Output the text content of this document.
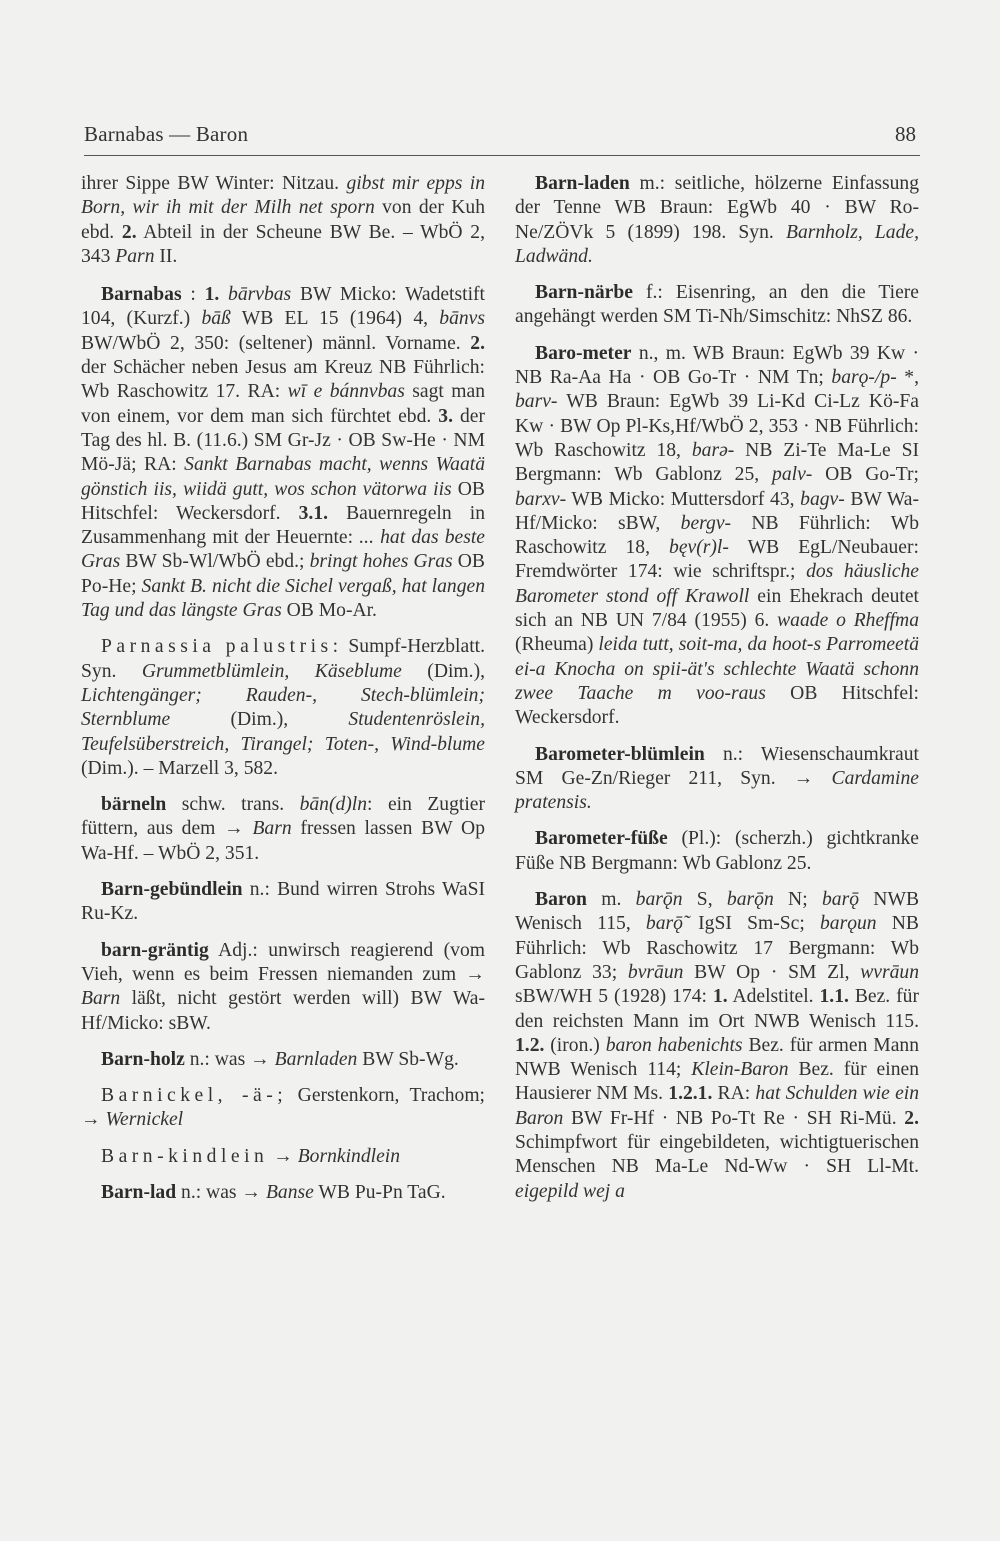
Barnabas — Baron	88

ihrer Sippe BW Winter: Nitzau. gibst mir epps in Born, wir ih mit der Milh net sporn von der Kuh ebd. 2. Abteil in der Scheune BW Be. – WbÖ 2, 343 Parn II.

Barnabas : 1. bārvbas BW Micko: Wadetstift 104, (Kurzf.) bāß WB EL 15 (1964) 4, bānvs BW/WbÖ 2, 350: (seltener) männl. Vorname. 2. der Schächer neben Jesus am Kreuz NB Führlich: Wb Raschowitz 17. RA: wī e bánnvbas sagt man von einem, vor dem man sich fürchtet ebd. 3. der Tag des hl. B. (11.6.) SM Gr-Jz · OB Sw-He · NM Mö-Jä; RA: Sankt Barnabas macht, wenns Waatä gönstich iis, wiidä gutt, wos schon vätorwa iis OB Hitschfel: Weckersdorf. 3.1. Bauernregeln in Zusammenhang mit der Heuernte: ... hat das beste Gras BW Sb-Wl/WbÖ ebd.; bringt hohes Gras OB Po-He; Sankt B. nicht die Sichel vergaß, hat langen Tag und das längste Gras OB Mo-Ar.

Parnassia palustris: Sumpf-Herzblatt. Syn. Grummetblümlein, Käseblume (Dim.), Lichtengänger; Rauden-, Stech-blümlein; Sternblume (Dim.), Studentenröslein, Teufelsüberstreich, Tirangel; Toten-, Wind-blume (Dim.). – Marzell 3, 582.

bärneln schw. trans. bān(d)ln: ein Zugtier füttern, aus dem → Barn fressen lassen BW Op Wa-Hf. – WbÖ 2, 351.

Barn-gebündlein n.: Bund wirren Strohs WaSI Ru-Kz.

barn-gräntig Adj.: unwirsch reagierend (vom Vieh, wenn es beim Fressen niemanden zum → Barn läßt, nicht gestört werden will) BW Wa-Hf/Micko: sBW.

Barn-holz n.: was → Barnladen BW Sb-Wg.

Barnickel, -ä-; Gerstenkorn, Trachom; → Wernickel

Barn-kindlein → Bornkindlein

Barn-lad n.: was → Banse WB Pu-Pn TaG.

Barn-laden m.: seitliche, hölzerne Einfassung der Tenne WB Braun: EgWb 40 · BW Ro-Ne/ZÖVk 5 (1899) 198. Syn. Barnholz, Lade, Ladwänd.

Barn-närbe f.: Eisenring, an den die Tiere angehängt werden SM Ti-Nh/Simschitz: NhSZ 86.

Baro-meter n., m. WB Braun: EgWb 39 Kw · NB Ra-Aa Ha · OB Go-Tr · NM Tn; barǫ-/p- *, barv- WB Braun: EgWb 39 Li-Kd Ci-Lz Kö-Fa Kw · BW Op Pl-Ks,Hf/WbÖ 2, 353 · NB Führlich: Wb Raschowitz 18, barə- NB Zi-Te Ma-Le SI Bergmann: Wb Gablonz 25, palv- OB Go-Tr; barxv- WB Micko: Muttersdorf 43, bagv- BW Wa-Hf/Micko: sBW, bergv- NB Führlich: Wb Raschowitz 18, bęv(r)l- WB EgL/Neubauer: Fremdwörter 174: wie schriftspr.; dos häusliche Barometer stond off Krawoll ein Ehekrach deutet sich an NB UN 7/84 (1955) 6. waade o Rheffma (Rheuma) leida tutt, soit-ma, da hoot-s Parromeetä ei-a Knocha on spii-ät's schlechte Waatä schonn zwee Taache m voo-raus OB Hitschfel: Weckersdorf.

Barometer-blümlein n.: Wiesenschaumkraut SM Ge-Zn/Rieger 211, Syn. → Cardamine pratensis.

Barometer-füße (Pl.): (scherzh.) gichtkranke Füße NB Bergmann: Wb Gablonz 25.

Baron m. barǭn S, barǭn N; barǭ NWB Wenisch 115, barǭ̃ IgSI Sm-Sc; barǫun NB Führlich: Wb Raschowitz 17 Bergmann: Wb Gablonz 33; bvrāun BW Op · SM Zl, wvrāun sBW/WH 5 (1928) 174: 1. Adelstitel. 1.1. Bez. für den reichsten Mann im Ort NWB Wenisch 115. 1.2. (iron.) baron habenichts Bez. für armen Mann NWB Wenisch 114; Klein-Baron Bez. für einen Hausierer NM Ms. 1.2.1. RA: hat Schulden wie ein Baron BW Fr-Hf · NB Po-Tt Re · SH Ri-Mü. 2. Schimpfwort für eingebildeten, wichtigtuerischen Menschen NB Ma-Le Nd-Ww · SH Ll-Mt. eigepild wej a
